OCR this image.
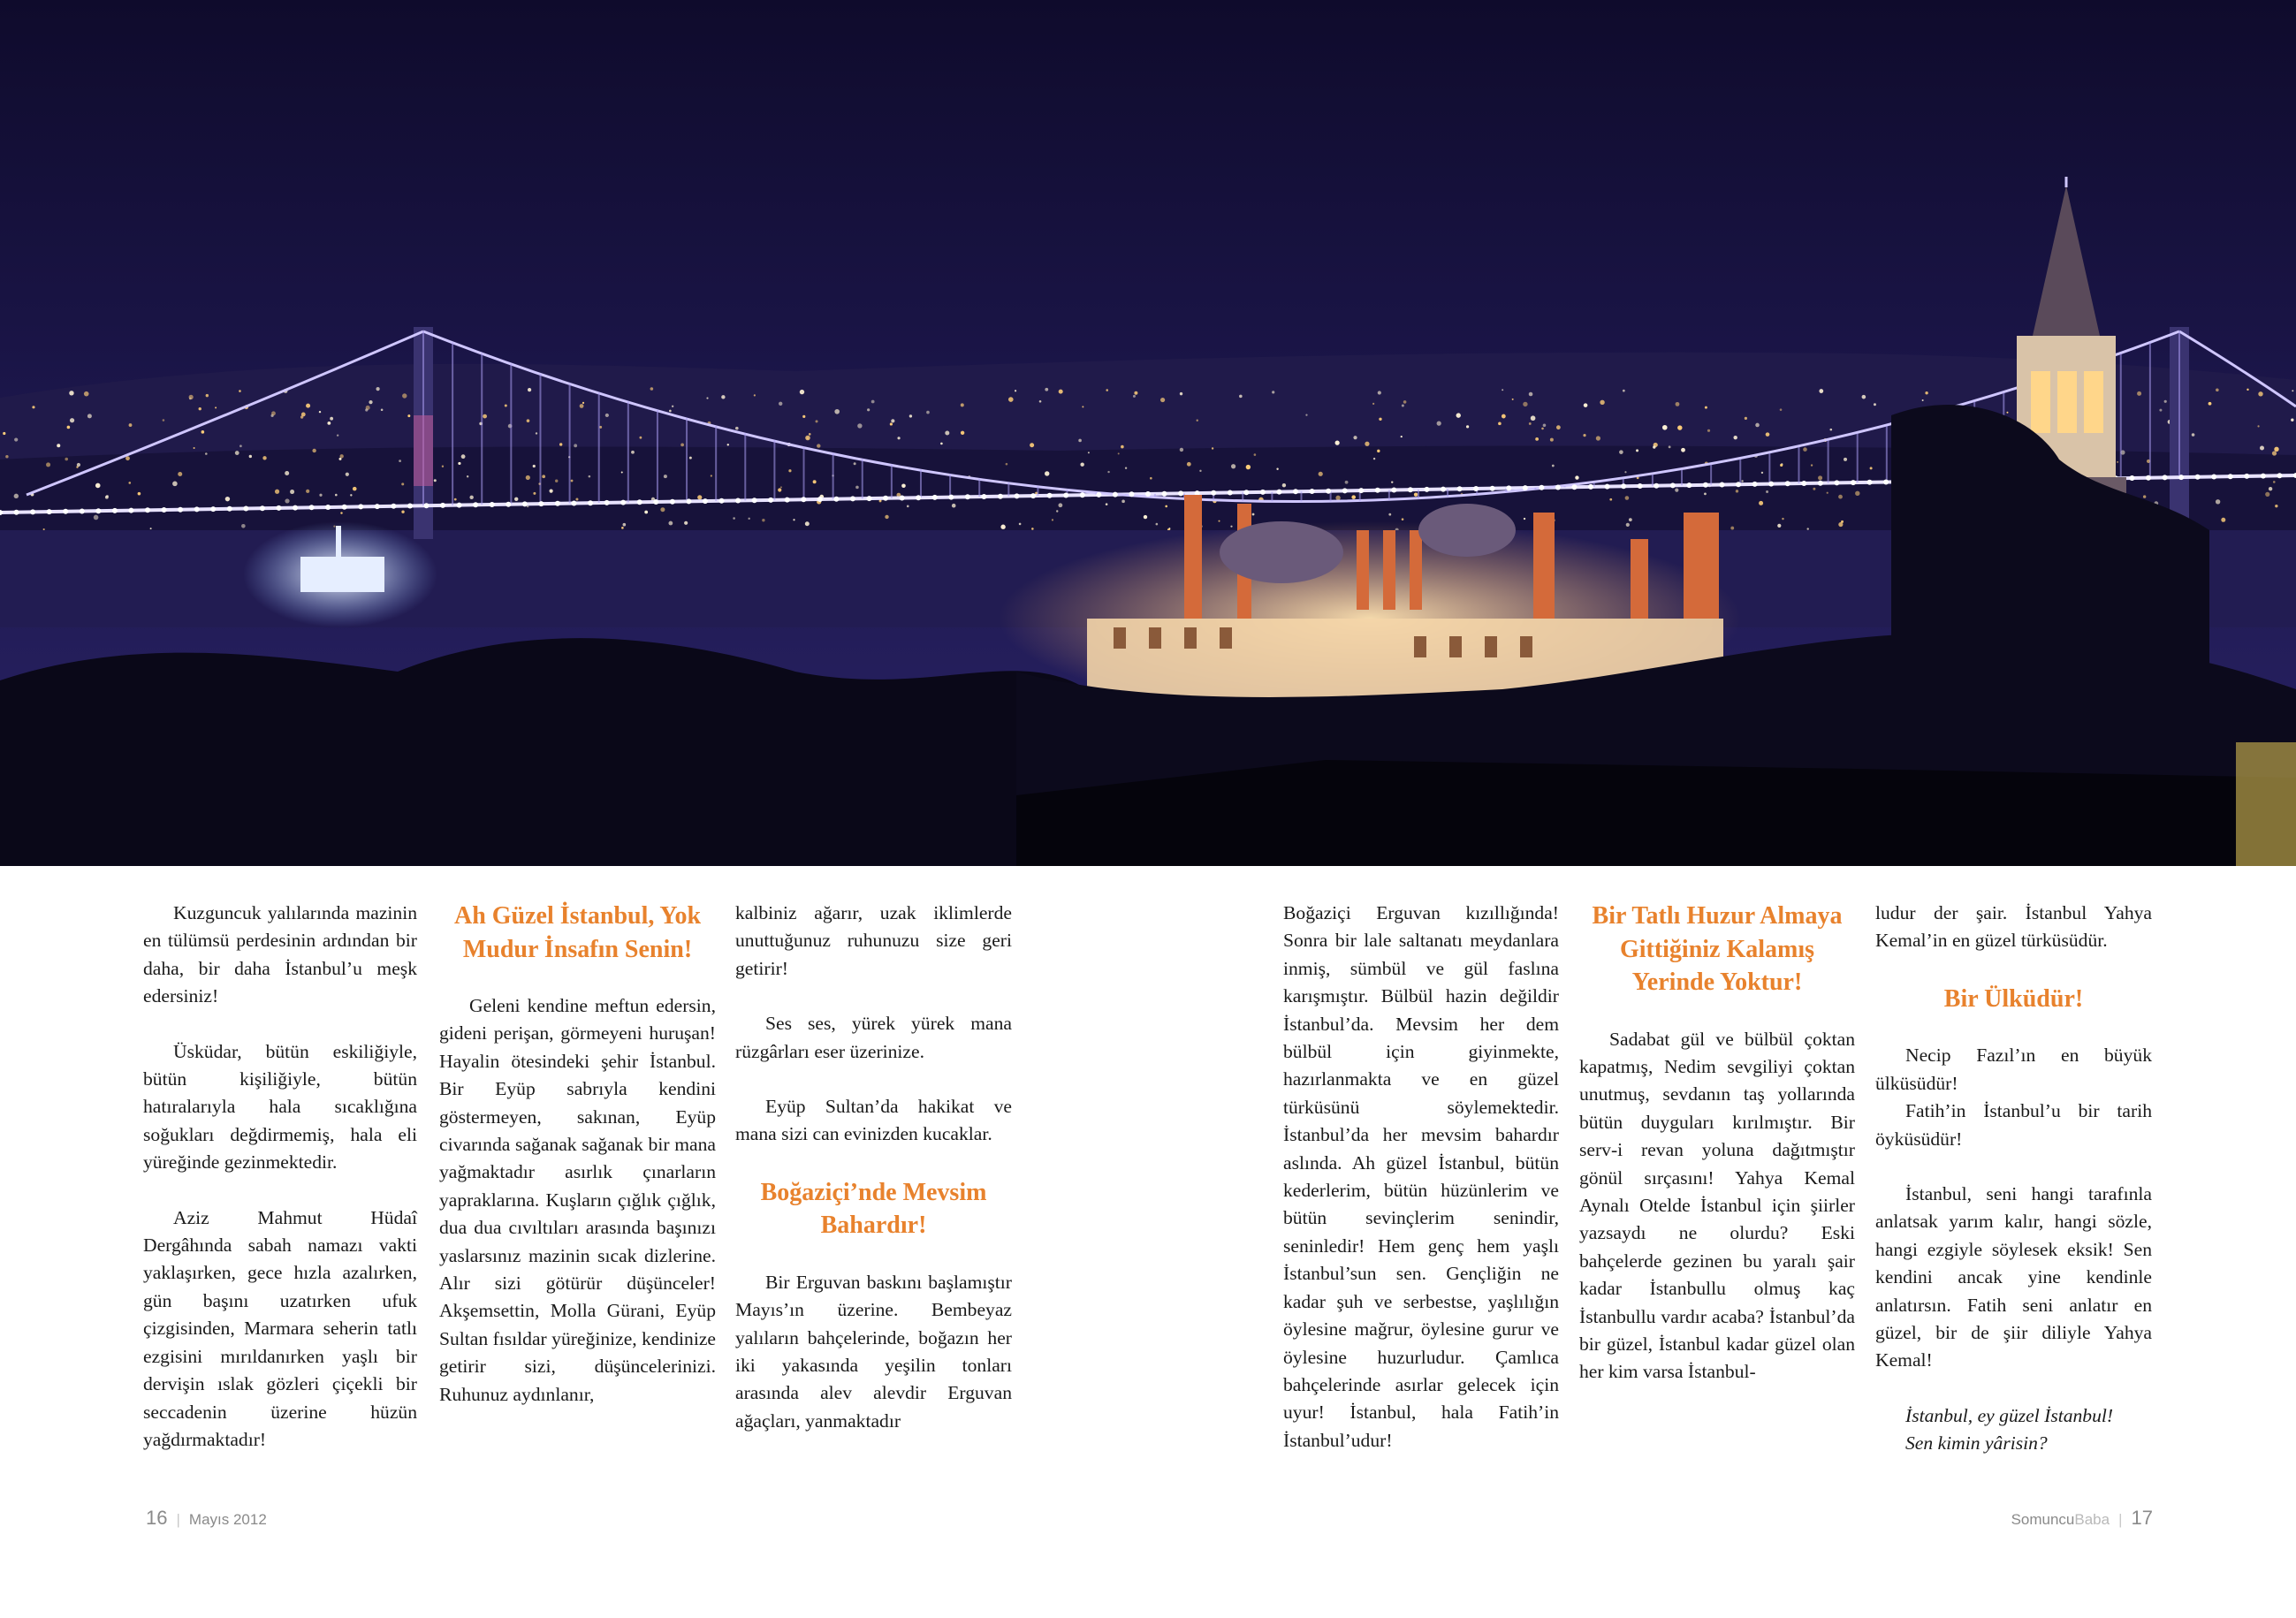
Kuzguncuk yalılarında mazinin en tülümsü perdesinin ardından bir daha, bir daha İstanbul’u meşk edersiniz!

Üsküdar, bütün eskiliğiyle, bütün kişiliğiyle, bütün hatıralarıyla hala sıcaklığına soğukları değdirmemiş, hala eli yüreğinde gezinmektedir.

Aziz Mahmut Hüdaî Dergâhında sabah namazı vakti yaklaşırken, gece hızla azalırken, gün başını uzatırken ufuk çizgisinden, Marmara seherin tatlı ezgisini mırıldanırken yaşlı bir dervişin ıslak gözleri çiçekli bir seccadenin üzerine hüzün yağdırmaktadır!

Ah Güzel İstanbul, Yok Mudur İnsafın Senin!

Geleni kendine meftun edersin, gideni perişan, görmeyeni huruşan! Hayalin ötesindeki şehir İstanbul. Bir Eyüp sabrıyla kendini göstermeyen, sakınan, Eyüp civarında sağanak sağanak bir mana yağmaktadır asırlık çınarların yapraklarına. Kuşların çığlık çığlık, dua dua cıvıltıları arasında başınızı yaslarsınız mazinin sıcak dizlerine. Alır sizi götürür düşünceler! Akşemsettin, Molla Gürani, Eyüp Sultan fısıldar yüreğinize, kendinize getirir sizi, düşüncelerinizi. Ruhunuz aydınlanır,

kalbiniz ağarır, uzak iklimlerde unuttuğunuz ruhunuzu size geri getirir!

Ses ses, yürek yürek mana rüzgârları eser üzerinize.

Eyüp Sultan’da hakikat ve mana sizi can evinizden kucaklar.

Boğaziçi’nde Mevsim Bahardır!

Bir Erguvan baskını başlamıştır Mayıs’ın üzerine. Bembeyaz yalıların bahçelerinde, boğazın her iki yakasında yeşilin tonları arasında alev alevdir Erguvan ağaçları, yanmaktadır

Boğaziçi Erguvan kızıllığında! Sonra bir lale saltanatı meydanlara inmiş, sümbül ve gül faslına karışmıştır. Bülbül hazin değildir İstanbul’da. Mevsim her dem bülbül için giyinmekte, hazırlanmakta ve en güzel türküsünü söylemektedir. İstanbul’da her mevsim bahardır aslında. Ah güzel İstanbul, bütün kederlerim, bütün hüzünlerim ve bütün sevinçlerim senindir, seninledir! Hem genç hem yaşlı İstanbul’sun sen. Gençliğin ne kadar şuh ve serbestse, yaşlılığın öylesine mağrur, öylesine gurur ve öylesine huzurludur. Çamlıca bahçelerinde asırlar gelecek için uyur! İstanbul, hala Fatih’in İstanbul’udur!

Bir Tatlı Huzur Almaya Gittiğiniz Kalamış Yerinde Yoktur!

Sadabat gül ve bülbül çoktan kapatmış, Nedim sevgiliyi çoktan unutmuş, sevdanın taş yollarında bütün duyguları kırılmıştır. Bir serv-i revan yoluna dağıtmıştır gönül sırçasını! Yahya Kemal Aynalı Otelde İstanbul için şiirler yazsaydı ne olurdu? Eski bahçelerde gezinen bu yaralı şair kadar İstanbullu olmuş kaç İstanbullu vardır acaba? İstanbul’da bir güzel, İstanbul kadar güzel olan her kim varsa İstanbul-

ludur der şair. İstanbul Yahya Kemal’in en güzel türküsüdür.

Bir Ülküdür!

Necip Fazıl’ın en büyük ülküsüdür!

Fatih’in İstanbul’u bir tarih öyküsüdür!

İstanbul, seni hangi tarafınla anlatsak yarım kalır, hangi sözle, hangi ezgiyle söylesek eksik! Sen kendini ancak yine kendinle anlatırsın. Fatih seni anlatır en güzel, bir de şiir diliyle Yahya Kemal!

İstanbul, ey güzel İstanbul!

Sen kimin yârisin?

16 | Mayıs 2012	SomuncuBaba | 17
